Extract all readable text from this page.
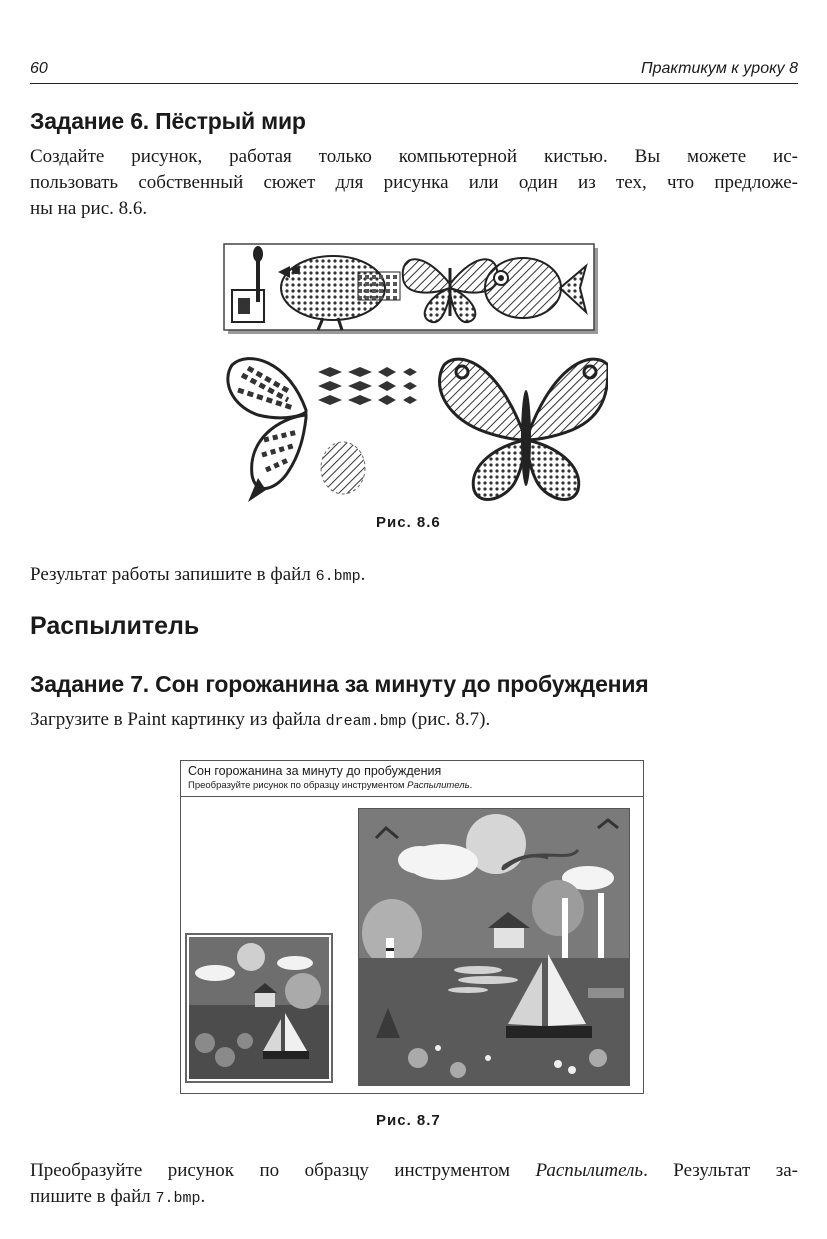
60	Практикум к уроку 8
Задание 6. Пёстрый мир
Создайте рисунок, работая только компьютерной кистью. Вы можете ис-
пользовать собственный сюжет для рисунка или один из тех, что предложе-
ны на рис. 8.6.
Рис. 8.6
Результат работы запишите в файл 6.bmp.
Распылитель
Задание 7. Сон горожанина за минуту до пробуждения
Загрузите в Paint картинку из файла dream.bmp (рис. 8.7).
Сон горожанина за минуту до пробуждения
Преобразуйте рисунок по образцу инструментом Распылитель.
Рис. 8.7
Преобразуйте рисунок по образцу инструментом Распылитель. Результат за-
пишите в файл 7.bmp.
